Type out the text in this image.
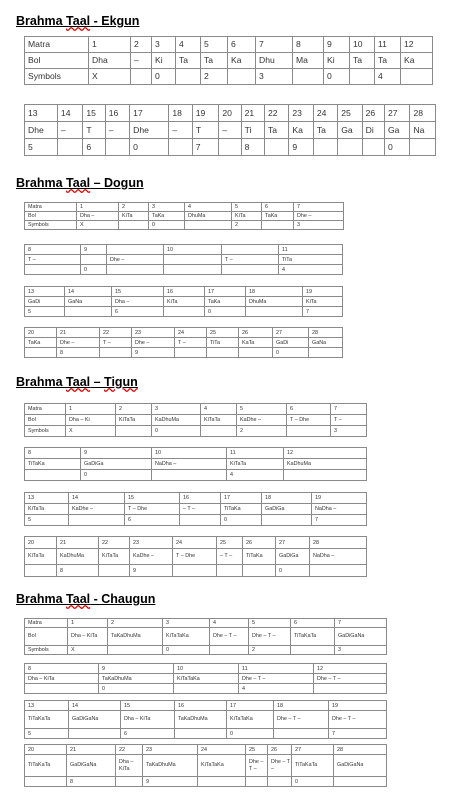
Brahma Taal - Ekgun
Matra	1	2	3	4	5	6	7	8	9	10	11	12
Bol	Dha	–	Ki	Ta	Ta	Ka	Dhu	Ma	Ki	Ta	Ta	Ka
Symbols	X		0		2		3		0		4	
13	14	15	16	17	18	19	20	21	22	23	24	25	26	27	28
Dhe	–	T	–	Dhe	–	T	–	Ti	Ta	Ka	Ta	Ga	Di	Ga	Na
5		6		0		7		8		9				0	
Brahma Taal – Dogun
Matra	1	2	3	4	5	6	7
Bol	Dha –	KiTa	TaKa	DhuMa	KiTa	TaKa	Dhe –
Symbols	X		0		2		3
8	9		10		11	
T –		Dhe –		T –	TiTa	
	0				4	
13	14	15	16	17	18	19
GaDi	GaNa	Dha –	KiTa	TaKa	DhuMa	KiTa
5		6		0		7
20	21	22	23	24	25	26	27	28
TaKa	Dhe –	T –	Dhe –	T –	TiTa	KaTa	GaDi	GaNa
	8		9				0	
Brahma Taal – Tigun
Matra	1	2	3	4	5	6	7
Bol	Dha – Ki	KiTaTa	KaDhuMa	KiTaTa	KaDhe –	T – Dhe	T –
Symbols	X		0		2		3
8	9	10	11	12
TiTaKa	GaDiGa	NaDha –	KiTaTa	KaDhuMa
	0		4	
13	14	15	16	17	18	19
KiTaTa	KaDhe –	T – Dhe	– T –	TiTaKa	GaDiGa	NaDha –
5		6		0		7
20	21	22	23	24	25	26	27	28
KiTaTa	KaDhuMa	KiTaTa	KaDhe –	T – Dhe	– T –	TiTaKa	GaDiGa	NaDha –
	8		9				0	
Brahma Taal - Chaugun
Matra	1	2	3	4	5	6	7
Bol	Dha – KiTa	TaKaDhuMa	KiTaTaKa	Dhe – T –	Dhe – T –	TiTaKaTa	GaDiGaNa
Symbols	X		0		2		3
8	9	10	11	12
Dha – KiTa	TaKaDhuMa	KiTaTaKa	Dhe – T –	Dhe – T –
	0		4	
13	14	15	16	17	18	19
TiTaKaTa	GaDiGaNa	Dha – KiTa	TaKaDhuMa	KiTaTaKa	Dhe – T –	Dhe – T –
5		6		0		7
20	21	22	23	24	25	26	27	28
TiTaKaTa	GaDiGaNa	Dha – KiTa	TaKaDhuMa	KiTaTaKa	Dhe – T –	Dhe – T –	TiTaKaTa	GaDiGaNa
	8		9				0	
